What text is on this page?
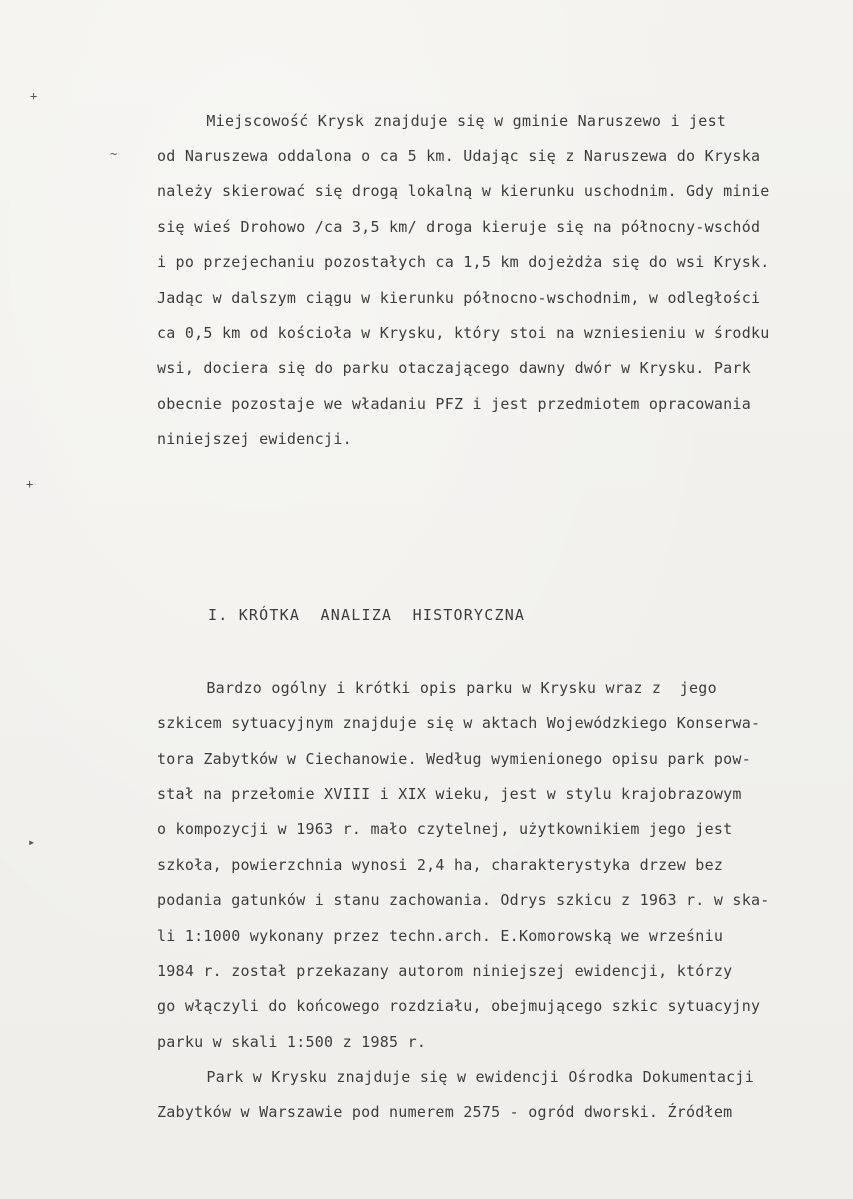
+
~
+
▸
Miejscowość Krysk znajduje się w gminie Naruszewo i jest
od Naruszewa oddalona o ca 5 km. Udając się z Naruszewa do Kryska
należy skierować się drogą lokalną w kierunku uschodnim. Gdy minie
się wieś Drohowo /ca 3,5 km/ droga kieruje się na północny-wschód
i po przejechaniu pozostałych ca 1,5 km dojeżdża się do wsi Krysk.
Jadąc w dalszym ciągu w kierunku północno-wschodnim, w odległości
ca 0,5 km od kościoła w Krysku, który stoi na wzniesieniu w środku
wsi, dociera się do parku otaczającego dawny dwór w Krysku. Park
obecnie pozostaje we władaniu PFZ i jest przedmiotem opracowania
niniejszej ewidencji.
I. KRÓTKA  ANALIZA  HISTORYCZNA
Bardzo ogólny i krótki opis parku w Krysku wraz z  jego
szkicem sytuacyjnym znajduje się w aktach Wojewódzkiego Konserwa-
tora Zabytków w Ciechanowie. Według wymienionego opisu park pow-
stał na przełomie XVIII i XIX wieku, jest w stylu krajobrazowym
o kompozycji w 1963 r. mało czytelnej, użytkownikiem jego jest
szkoła, powierzchnia wynosi 2,4 ha, charakterystyka drzew bez
podania gatunków i stanu zachowania. Odrys szkicu z 1963 r. w ska-
li 1:1000 wykonany przez techn.arch. E.Komorowską we wrześniu
1984 r. został przekazany autorom niniejszej ewidencji, którzy
go włączyli do końcowego rozdziału, obejmującego szkic sytuacyjny
parku w skali 1:500 z 1985 r.
Park w Krysku znajduje się w ewidencji Ośrodka Dokumentacji
Zabytków w Warszawie pod numerem 2575 - ogród dworski. Źródłem
